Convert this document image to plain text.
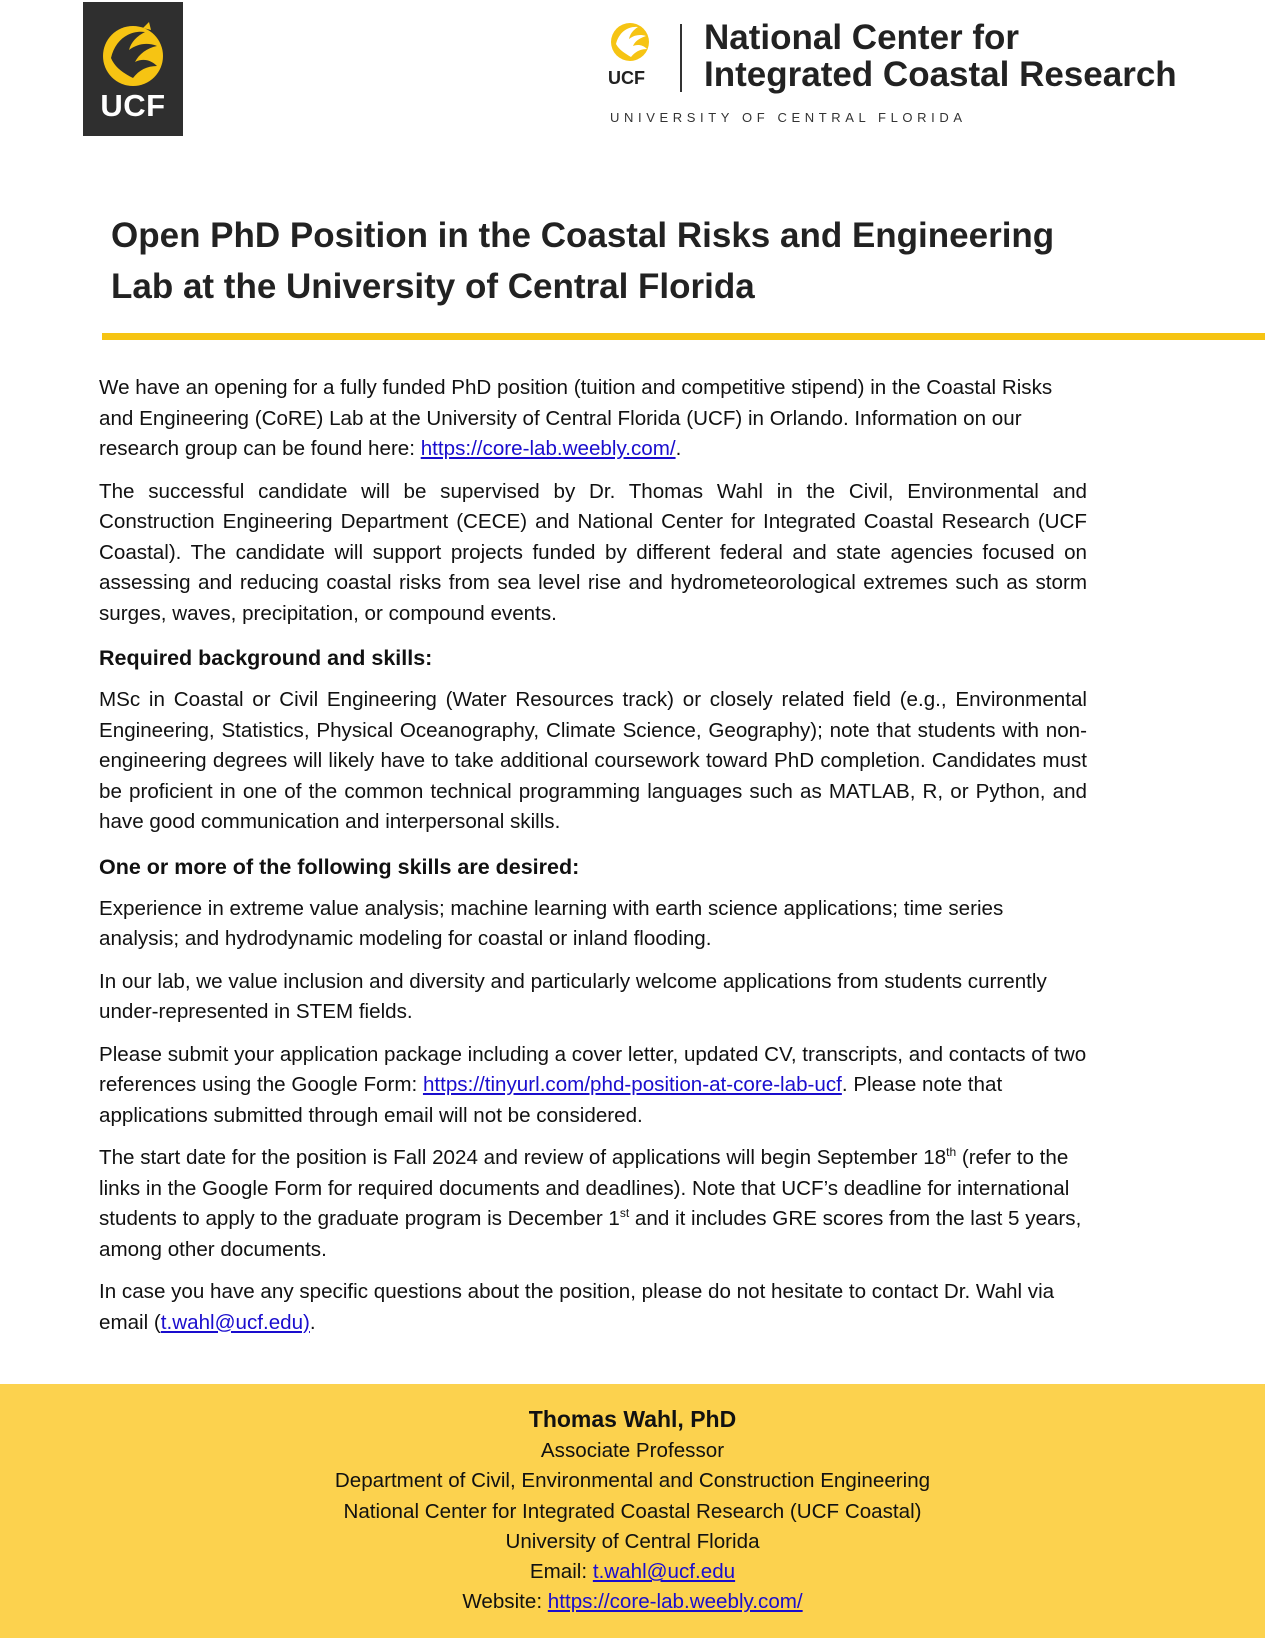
UCF
UCF
National Center for
Integrated Coastal Research
UNIVERSITY OF CENTRAL FLORIDA
Open PhD Position in the Coastal Risks and Engineering Lab at the University of Central Florida

We have an opening for a fully funded PhD position (tuition and competitive stipend) in the Coastal Risks and Engineering (CoRE) Lab at the University of Central Florida (UCF) in Orlando. Information on our research group can be found here: https://core-lab.weebly.com/.

The successful candidate will be supervised by Dr. Thomas Wahl in the Civil, Environmental and Construction Engineering Department (CECE) and National Center for Integrated Coastal Research (UCF Coastal). The candidate will support projects funded by different federal and state agencies focused on assessing and reducing coastal risks from sea level rise and hydrometeorological extremes such as storm surges, waves, precipitation, or compound events.

Required background and skills:

MSc in Coastal or Civil Engineering (Water Resources track) or closely related field (e.g., Environmental Engineering, Statistics, Physical Oceanography, Climate Science, Geography); note that students with non-engineering degrees will likely have to take additional coursework toward PhD completion. Candidates must be proficient in one of the common technical programming languages such as MATLAB, R, or Python, and have good communication and interpersonal skills.

One or more of the following skills are desired:

Experience in extreme value analysis; machine learning with earth science applications; time series analysis; and hydrodynamic modeling for coastal or inland flooding.

In our lab, we value inclusion and diversity and particularly welcome applications from students currently under-represented in STEM fields.

Please submit your application package including a cover letter, updated CV, transcripts, and contacts of two references using the Google Form: https://tinyurl.com/phd-position-at-core-lab-ucf. Please note that applications submitted through email will not be considered.

The start date for the position is Fall 2024 and review of applications will begin September 18th (refer to the links in the Google Form for required documents and deadlines). Note that UCF’s deadline for international students to apply to the graduate program is December 1st and it includes GRE scores from the last 5 years, among other documents.

In case you have any specific questions about the position, please do not hesitate to contact Dr. Wahl via email (t.wahl@ucf.edu).

Thomas Wahl, PhD
Associate Professor
Department of Civil, Environmental and Construction Engineering
National Center for Integrated Coastal Research (UCF Coastal)
University of Central Florida
Email: t.wahl@ucf.edu
Website: https://core-lab.weebly.com/
